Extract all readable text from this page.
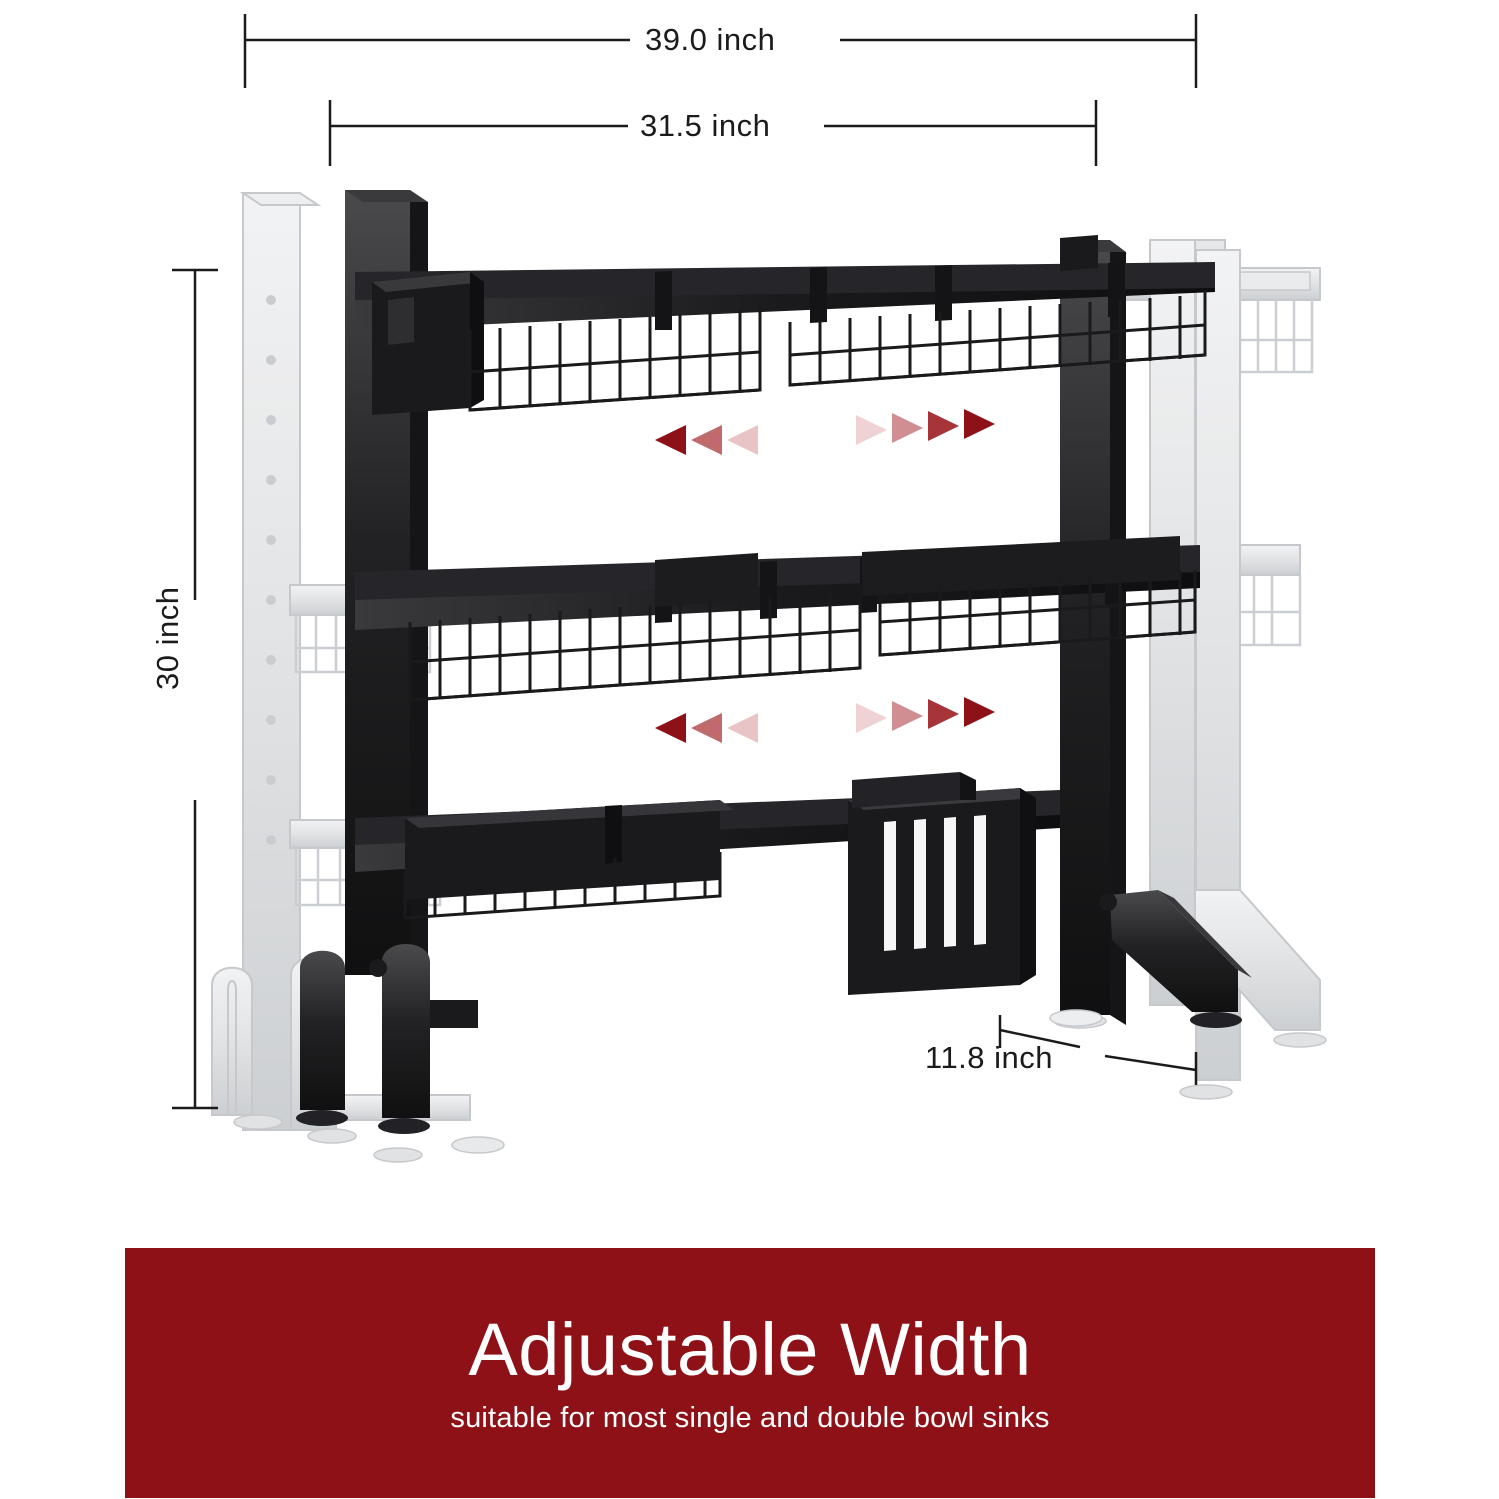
39.0 inch
31.5 inch
30 inch
11.8 inch
Adjustable Width
suitable for most single and double bowl sinks
